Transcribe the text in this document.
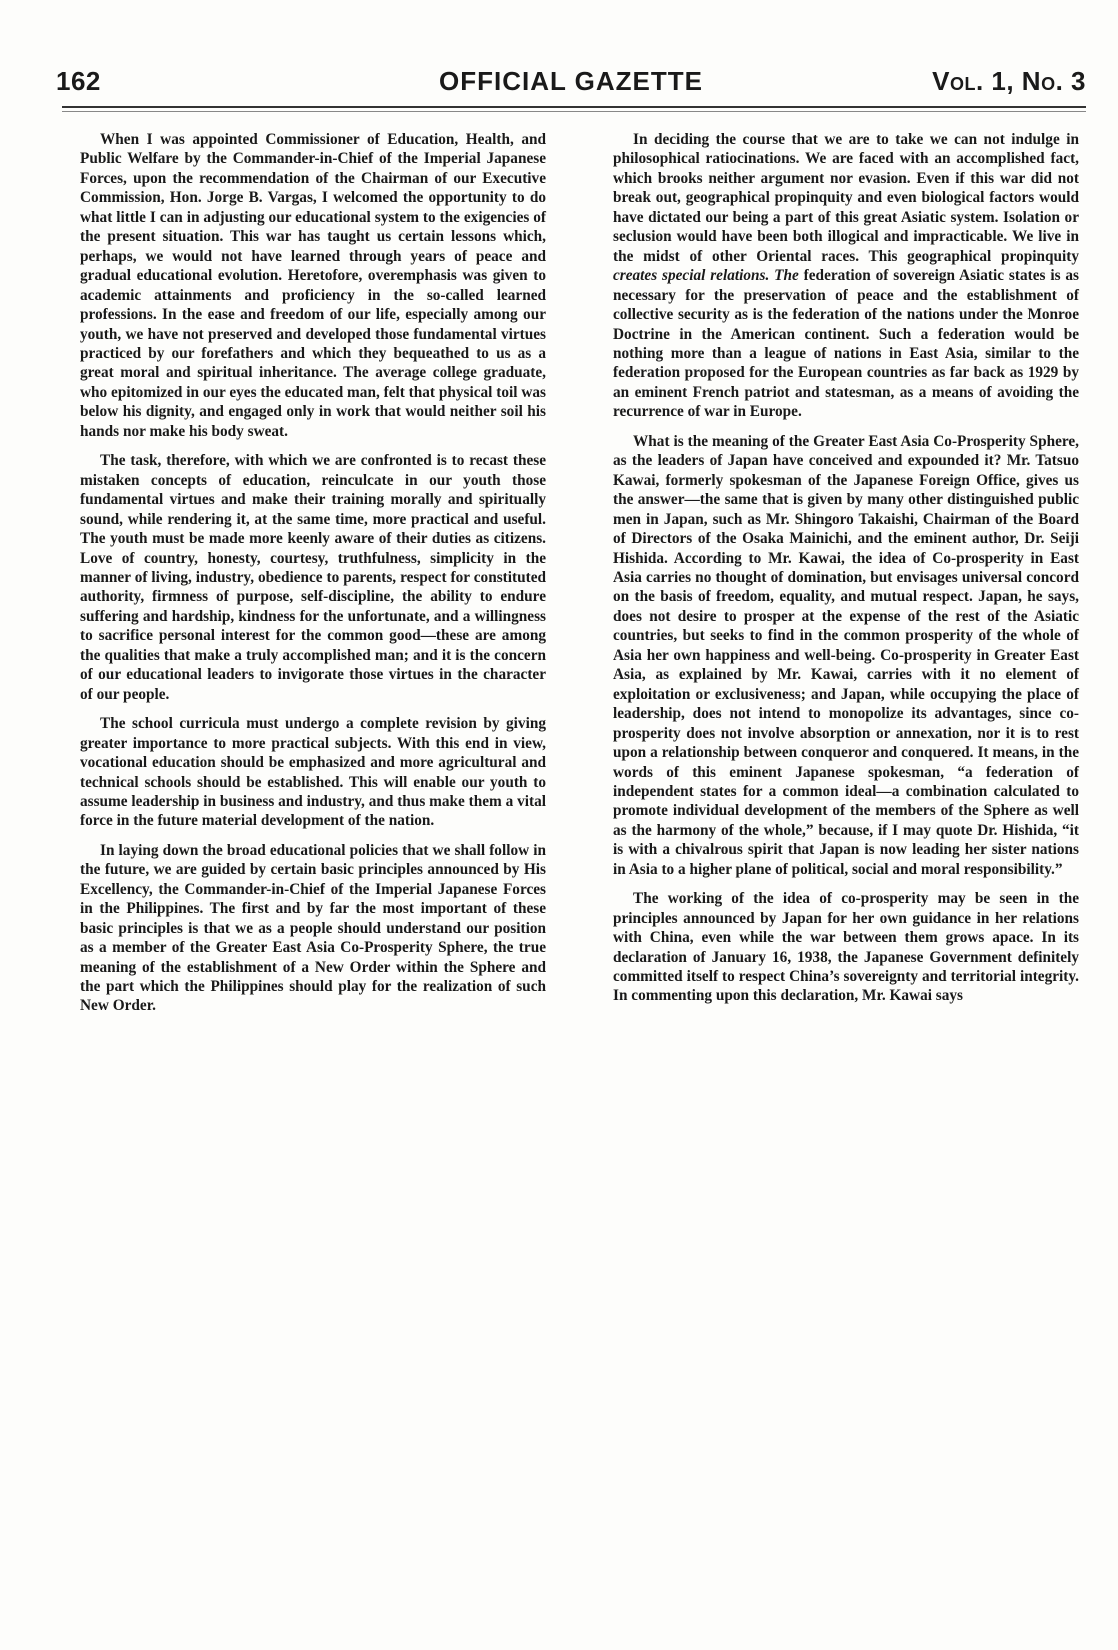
162	OFFICIAL GAZETTE	Vol. 1, No. 3

When I was appointed Commissioner of Education, Health, and Public Welfare by the Commander-in-Chief of the Imperial Japanese Forces, upon the recommendation of the Chairman of our Executive Commission, Hon. Jorge B. Vargas, I welcomed the opportunity to do what little I can in adjusting our educational system to the exigencies of the present situation. This war has taught us certain lessons which, perhaps, we would not have learned through years of peace and gradual educational evolution. Heretofore, overemphasis was given to academic attainments and proficiency in the so-called learned professions. In the ease and freedom of our life, especially among our youth, we have not preserved and developed those fundamental virtues practiced by our forefathers and which they bequeathed to us as a great moral and spiritual inheritance. The average college graduate, who epitomized in our eyes the educated man, felt that physical toil was below his dignity, and engaged only in work that would neither soil his hands nor make his body sweat.

The task, therefore, with which we are confronted is to recast these mistaken concepts of education, reinculcate in our youth those fundamental virtues and make their training morally and spiritually sound, while rendering it, at the same time, more practical and useful. The youth must be made more keenly aware of their duties as citizens. Love of country, honesty, courtesy, truthfulness, simplicity in the manner of living, industry, obedience to parents, respect for constituted authority, firmness of purpose, self-discipline, the ability to endure suffering and hardship, kindness for the unfortunate, and a willingness to sacrifice personal interest for the common good—these are among the qualities that make a truly accomplished man; and it is the concern of our educational leaders to invigorate those virtues in the character of our people.

The school curricula must undergo a complete revision by giving greater importance to more practical subjects. With this end in view, vocational education should be emphasized and more agricultural and technical schools should be established. This will enable our youth to assume leadership in business and industry, and thus make them a vital force in the future material development of the nation.

In laying down the broad educational policies that we shall follow in the future, we are guided by certain basic principles announced by His Excellency, the Commander-in-Chief of the Imperial Japanese Forces in the Philippines. The first and by far the most important of these basic principles is that we as a people should understand our position as a member of the Greater East Asia Co-Prosperity Sphere, the true meaning of the establishment of a New Order within the Sphere and the part which the Philippines should play for the realization of such New Order.

In deciding the course that we are to take we can not indulge in philosophical ratiocinations. We are faced with an accomplished fact, which brooks neither argument nor evasion. Even if this war did not break out, geographical propinquity and even biological factors would have dictated our being a part of this great Asiatic system. Isolation or seclusion would have been both illogical and impracticable. We live in the midst of other Oriental races. This geographical propinquity creates special relations. The federation of sovereign Asiatic states is as necessary for the preservation of peace and the establishment of collective security as is the federation of the nations under the Monroe Doctrine in the American continent. Such a federation would be nothing more than a league of nations in East Asia, similar to the federation proposed for the European countries as far back as 1929 by an eminent French patriot and statesman, as a means of avoiding the recurrence of war in Europe.

What is the meaning of the Greater East Asia Co-Prosperity Sphere, as the leaders of Japan have conceived and expounded it? Mr. Tatsuo Kawai, formerly spokesman of the Japanese Foreign Office, gives us the answer—the same that is given by many other distinguished public men in Japan, such as Mr. Shingoro Takaishi, Chairman of the Board of Directors of the Osaka Mainichi, and the eminent author, Dr. Seiji Hishida. According to Mr. Kawai, the idea of Co-prosperity in East Asia carries no thought of domination, but envisages universal concord on the basis of freedom, equality, and mutual respect. Japan, he says, does not desire to prosper at the expense of the rest of the Asiatic countries, but seeks to find in the common prosperity of the whole of Asia her own happiness and well-being. Co-prosperity in Greater East Asia, as explained by Mr. Kawai, carries with it no element of exploitation or exclusiveness; and Japan, while occupying the place of leadership, does not intend to monopolize its advantages, since co-prosperity does not involve absorption or annexation, nor it is to rest upon a relationship between conqueror and conquered. It means, in the words of this eminent Japanese spokesman, “a federation of independent states for a common ideal—a combination calculated to promote individual development of the members of the Sphere as well as the harmony of the whole,” because, if I may quote Dr. Hishida, “it is with a chivalrous spirit that Japan is now leading her sister nations in Asia to a higher plane of political, social and moral responsibility.”

The working of the idea of co-prosperity may be seen in the principles announced by Japan for her own guidance in her relations with China, even while the war between them grows apace. In its declaration of January 16, 1938, the Japanese Government definitely committed itself to respect China’s sovereignty and territorial integrity. In commenting upon this declaration, Mr. Kawai says
